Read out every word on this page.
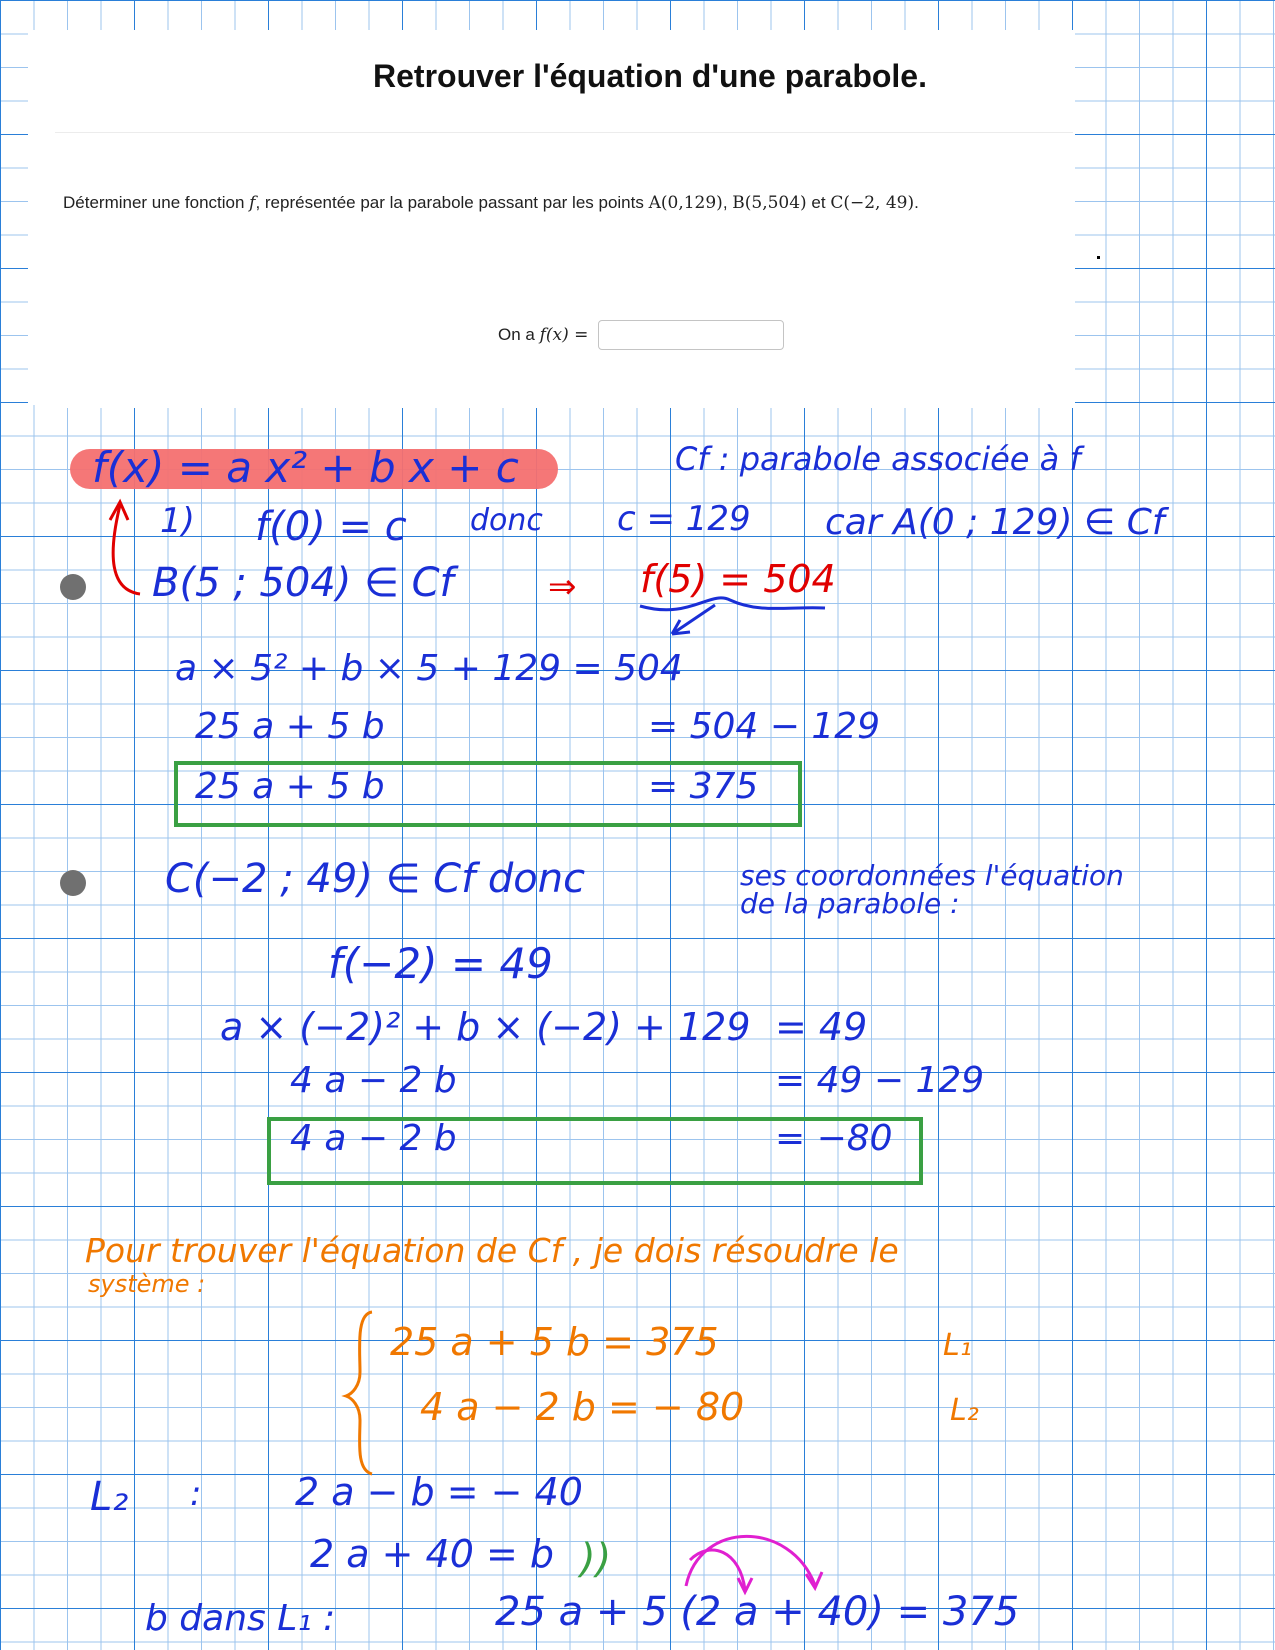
Retrouver l'équation d'une parabole.
Déterminer une fonction f, représentée par la parabole passant par les points A(0,129), B(5,504) et C(−2, 49).
On a f(x) =
f(x) = a x² + b x + c	Cf : parabole associée à f
1) f(0) = c donc c = 129 car A(0 ; 129) ∈ Cf
B(5 ; 504) ∈ Cf	⇒ f(5) = 504
a × 5² + b × 5 + 129 = 504
25 a + 5 b	= 504 − 129
25 a + 5 b	= 375
C(−2 ; 49) ∈ Cf donc	ses coordonnées l'équation
de la parabole :
f(−2) = 49
a × (−2)² + b × (−2) + 129 = 49
4 a − 2 b	= 49 − 129
4 a − 2 b	= −80
Pour trouver l'équation de Cf , je dois résoudre le
système :
25 a + 5 b = 375	L₁
4 a − 2 b = − 80	L₂
L₂ : 2 a − b = − 40
2 a + 40 = b ))
b dans L₁ :	25 a + 5 (2 a + 40) = 375
